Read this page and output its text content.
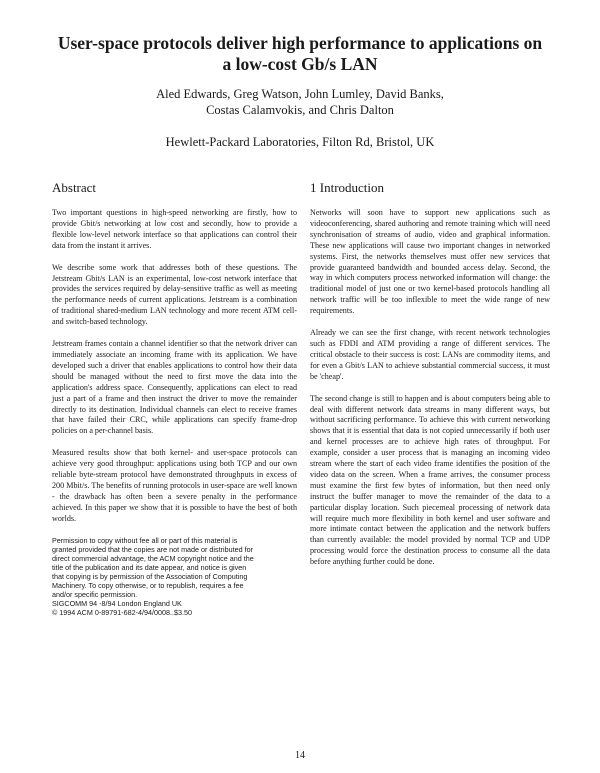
User-space protocols deliver high performance to applications on
a low-cost Gb/s LAN
Aled Edwards, Greg Watson, John Lumley, David Banks,
Costas Calamvokis, and Chris Dalton
Hewlett-Packard Laboratories, Filton Rd, Bristol, UK
Abstract

Two important questions in high-speed networking are firstly, how to provide Gbit/s networking at low cost and secondly, how to provide a flexible low-level network interface so that applications can control their data from the instant it arrives.

We describe some work that addresses both of these questions. The Jetstream Gbit/s LAN is an experimental, low-cost network interface that provides the services required by delay-sensitive traffic as well as meeting the performance needs of current applications. Jetstream is a combination of traditional shared-medium LAN technology and more recent ATM cell- and switch-based technology.

Jetstream frames contain a channel identifier so that the network driver can immediately associate an incoming frame with its application. We have developed such a driver that enables applications to control how their data should be managed without the need to first move the data into the application's address space. Consequently, applications can elect to read just a part of a frame and then instruct the driver to move the remainder directly to its destination. Individual channels can elect to receive frames that have failed their CRC, while applications can specify frame-drop policies on a per-channel basis.

Measured results show that both kernel- and user-space protocols can achieve very good throughput: applications using both TCP and our own reliable byte-stream protocol have demonstrated throughputs in excess of 200 Mbit/s. The benefits of running protocols in user-space are well known - the drawback has often been a severe penalty in the performance achieved. In this paper we show that it is possible to have the best of both worlds.

Permission to copy without fee all or part of this material is
granted provided that the copies are not made or distributed for
direct commercial advantage, the ACM copyright notice and the
title of the publication and its date appear, and notice is given
that copying is by permission of the Association of Computing
Machinery. To copy otherwise, or to republish, requires a fee
and/or specific permission.
SIGCOMM 94 -8/94 London England UK
© 1994 ACM 0-89791-682-4/94/0008..$3.50
1 Introduction

Networks will soon have to support new applications such as videoconferencing, shared authoring and remote training which will need synchronisation of streams of audio, video and graphical information. These new applications will cause two important changes in networked systems. First, the networks themselves must offer new services that provide guaranteed bandwidth and bounded access delay. Second, the way in which computers process networked information will change: the traditional model of just one or two kernel-based protocols handling all network traffic will be too inflexible to meet the wide range of new requirements.

Already we can see the first change, with recent network technologies such as FDDI and ATM providing a range of different services. The critical obstacle to their success is cost: LANs are commodity items, and for even a Gbit/s LAN to achieve substantial commercial success, it must be 'cheap'.

The second change is still to happen and is about computers being able to deal with different network data streams in many different ways, but without sacrificing performance. To achieve this with current networking shows that it is essential that data is not copied unnecessarily if both user and kernel processes are to achieve high rates of throughput. For example, consider a user process that is managing an incoming video stream where the start of each video frame identifies the position of the video data on the screen. When a frame arrives, the consumer process must examine the first few bytes of information, but then need only instruct the buffer manager to move the remainder of the data to a particular display location. Such piecemeal processing of network data will require much more flexibility in both kernel and user software and more intimate contact between the application and the network buffers than currently available: the model provided by normal TCP and UDP processing would force the destination process to consume all the data before anything further could be done.

14
